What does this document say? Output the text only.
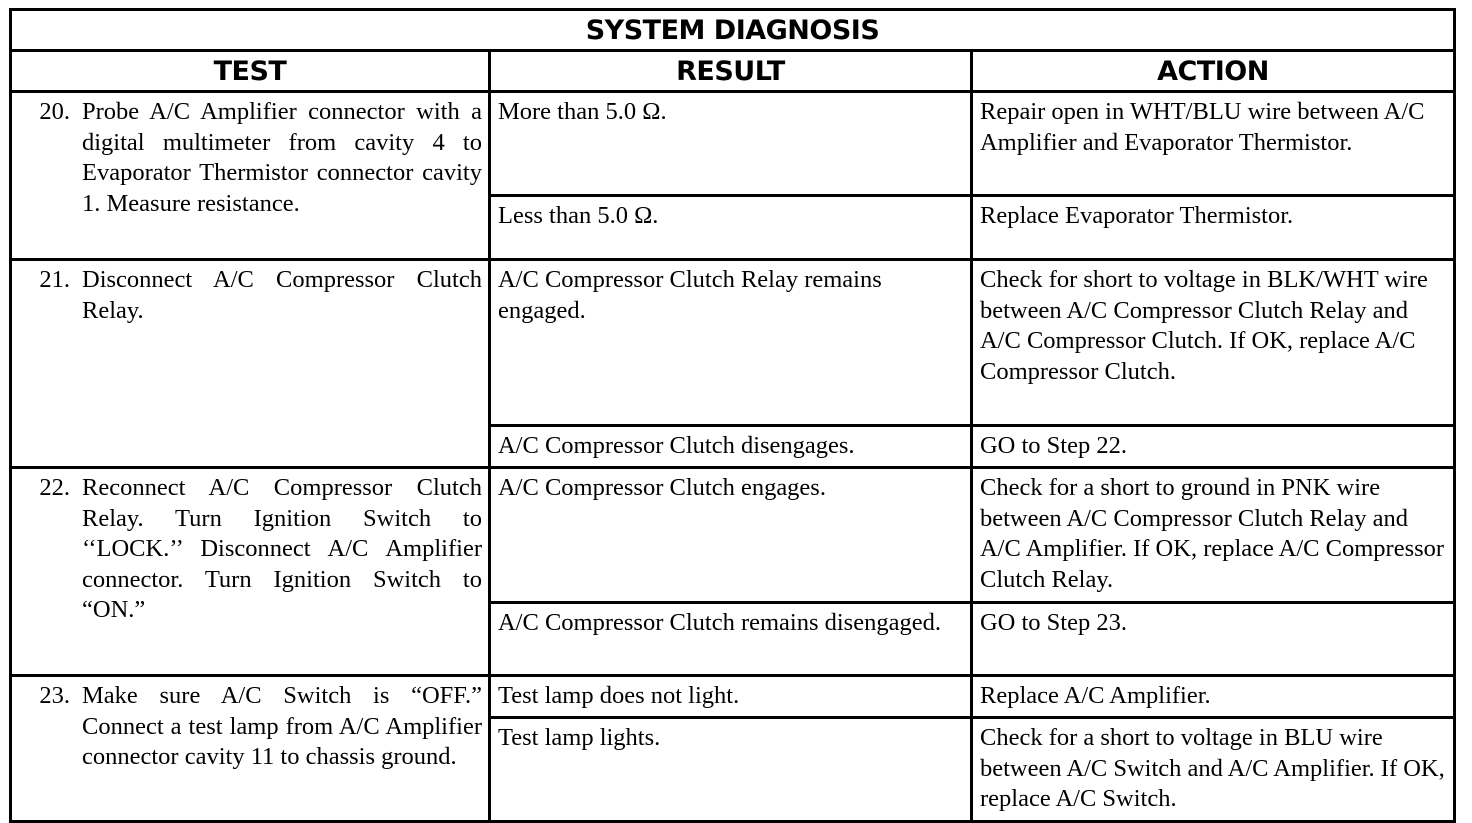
SYSTEM DIAGNOSIS		
TEST	RESULT	ACTION

20. Probe A/C Amplifier connector with a digital multimeter from cavity 4 to Evaporator Thermistor connector cavity 1. Measure resistance.	More than 5.0 Ω.	Repair open in WHT/BLU wire between A/C Amplifier and Evaporator Thermistor.
	Less than 5.0 Ω.	Replace Evaporator Thermistor.

21. Disconnect A/C Compressor Clutch Relay.	A/C Compressor Clutch Relay remains engaged.	Check for short to voltage in BLK/WHT wire between A/C Compressor Clutch Relay and A/C Compressor Clutch. If OK, replace A/C Compressor Clutch.
	A/C Compressor Clutch disengages.	GO to Step 22.

22. Reconnect A/C Compressor Clutch Relay. Turn Ignition Switch to ‘‘LOCK.’’ Disconnect A/C Amplifier connector. Turn Ignition Switch to “ON.”	A/C Compressor Clutch engages.	Check for a short to ground in PNK wire between A/C Compressor Clutch Relay and A/C Amplifier. If OK, replace A/C Compressor Clutch Relay.
	A/C Compressor Clutch remains disengaged.	GO to Step 23.

23. Make sure A/C Switch is “OFF.” Connect a test lamp from A/C Amplifier connector cavity 11 to chassis ground.	Test lamp does not light.	Replace A/C Amplifier.
	Test lamp lights.	Check for a short to voltage in BLU wire between A/C Switch and A/C Amplifier. If OK, replace A/C Switch.
